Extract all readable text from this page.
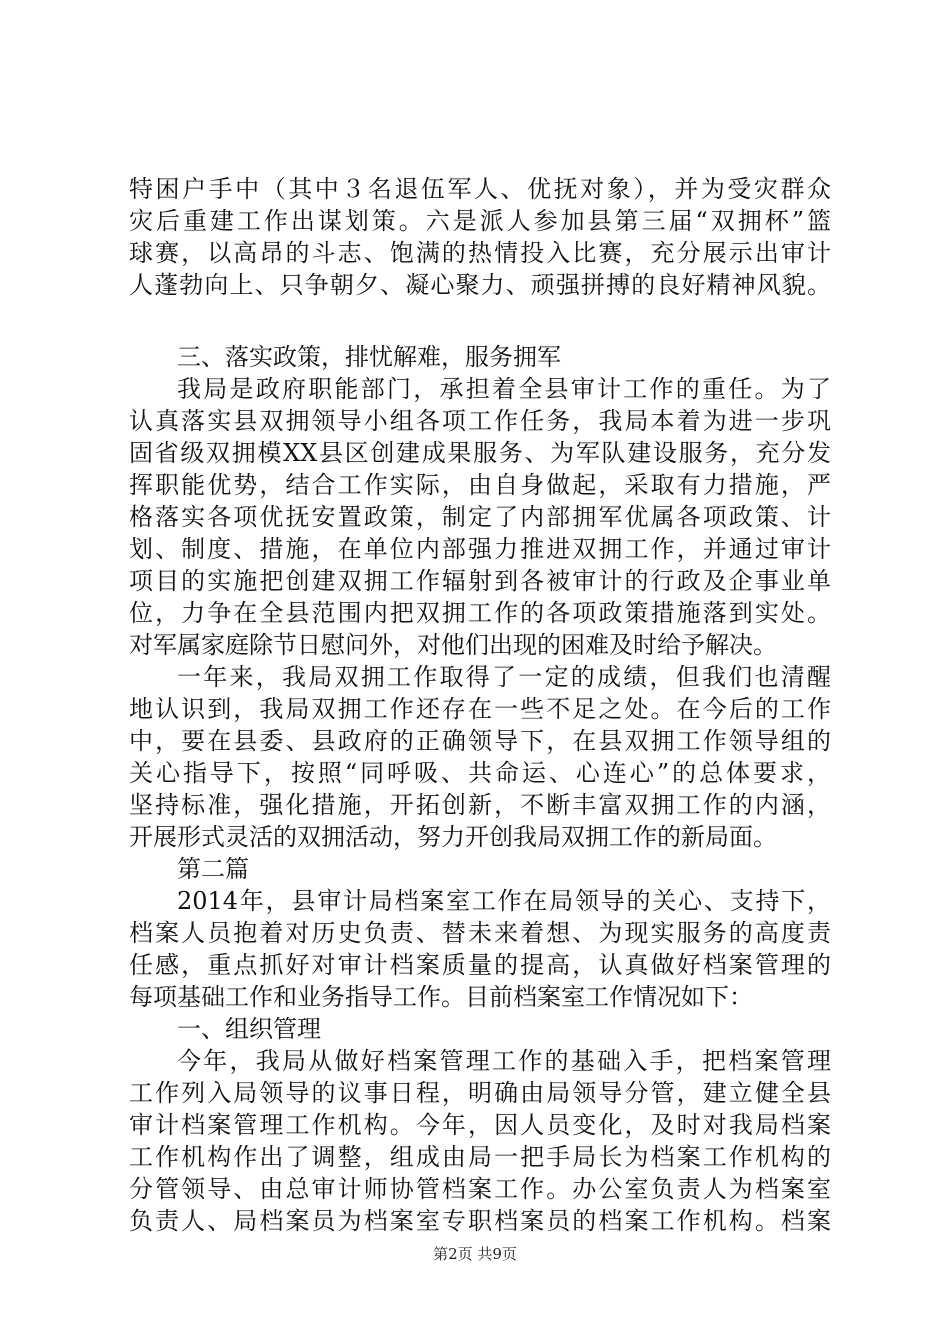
特困户手中（其中３名退伍军人、优抚对象），并为受灾群众
灾后重建工作出谋划策。六是派人参加县第三届“双拥杯”篮
球赛，以高昂的斗志、饱满的热情投入比赛，充分展示出审计
人蓬勃向上、只争朝夕、凝心聚力、顽强拼搏的良好精神风貌。
三、落实政策，排忧解难，服务拥军
我局是政府职能部门，承担着全县审计工作的重任。为了
认真落实县双拥领导小组各项工作任务，我局本着为进一步巩
固省级双拥模XX县区创建成果服务、为军队建设服务，充分发
挥职能优势，结合工作实际，由自身做起，采取有力措施，严
格落实各项优抚安置政策，制定了内部拥军优属各项政策、计
划、制度、措施，在单位内部强力推进双拥工作，并通过审计
项目的实施把创建双拥工作辐射到各被审计的行政及企事业单
位，力争在全县范围内把双拥工作的各项政策措施落到实处。
对军属家庭除节日慰问外，对他们出现的困难及时给予解决。
一年来，我局双拥工作取得了一定的成绩，但我们也清醒
地认识到，我局双拥工作还存在一些不足之处。在今后的工作
中，要在县委、县政府的正确领导下，在县双拥工作领导组的
关心指导下，按照“同呼吸、共命运、心连心”的总体要求，
坚持标准，强化措施，开拓创新，不断丰富双拥工作的内涵，
开展形式灵活的双拥活动，努力开创我局双拥工作的新局面。
第二篇
2014年，县审计局档案室工作在局领导的关心、支持下，
档案人员抱着对历史负责、替未来着想、为现实服务的高度责
任感，重点抓好对审计档案质量的提高，认真做好档案管理的
每项基础工作和业务指导工作。目前档案室工作情况如下：
一、组织管理
今年，我局从做好档案管理工作的基础入手，把档案管理
工作列入局领导的议事日程，明确由局领导分管，建立健全县
审计档案管理工作机构。今年，因人员变化，及时对我局档案
工作机构作出了调整，组成由局一把手局长为档案工作机构的
分管领导、由总审计师协管档案工作。办公室负责人为档案室
负责人、局档案员为档案室专职档案员的档案工作机构。档案
第2页 共9页
